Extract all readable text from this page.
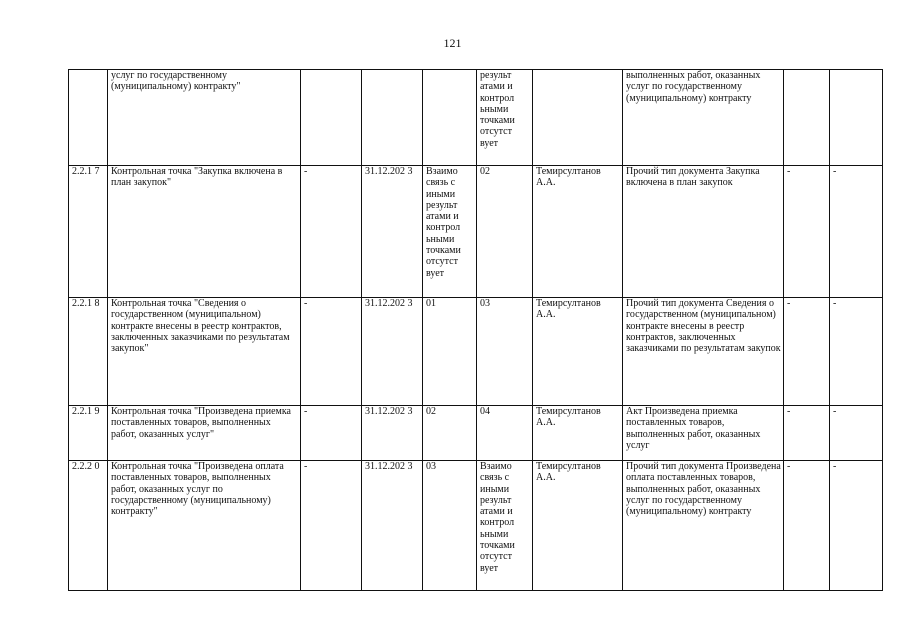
121
	услуг по государственному (муниципальному) контракту"				результ атами и контрол ьными точками отсутст вует		выполненных работ, оказанных услуг по государственному (муниципальному) контракту		
2.2.1 7	Контрольная точка "Закупка включена в план закупок"	-	31.12.202 3	Взаимо связь с иными результ атами и контрол ьными точками отсутст вует	02	Темирсултанов А.А.	Прочий тип документа Закупка включена в план закупок	-	-
2.2.1 8	Контрольная точка "Сведения о государственном (муниципальном) контракте внесены в реестр контрактов, заключенных заказчиками по результатам закупок"	-	31.12.202 3	01	03	Темирсултанов А.А.	Прочий тип документа Сведения о государственном (муниципальном) контракте внесены в реестр контрактов, заключенных заказчиками по результатам закупок	-	-
2.2.1 9	Контрольная точка "Произведена приемка поставленных товаров, выполненных работ, оказанных услуг"	-	31.12.202 3	02	04	Темирсултанов А.А.	Акт Произведена приемка поставленных товаров, выполненных работ, оказанных услуг	-	-
2.2.2 0	Контрольная точка "Произведена оплата поставленных товаров, выполненных работ, оказанных услуг по государственному (муниципальному) контракту"	-	31.12.202 3	03	Взаимо связь с иными результ атами и контрол ьными точками отсутст вует	Темирсултанов А.А.	Прочий тип документа Произведена оплата поставленных товаров, выполненных работ, оказанных услуг по государственному (муниципальному) контракту	-	-
